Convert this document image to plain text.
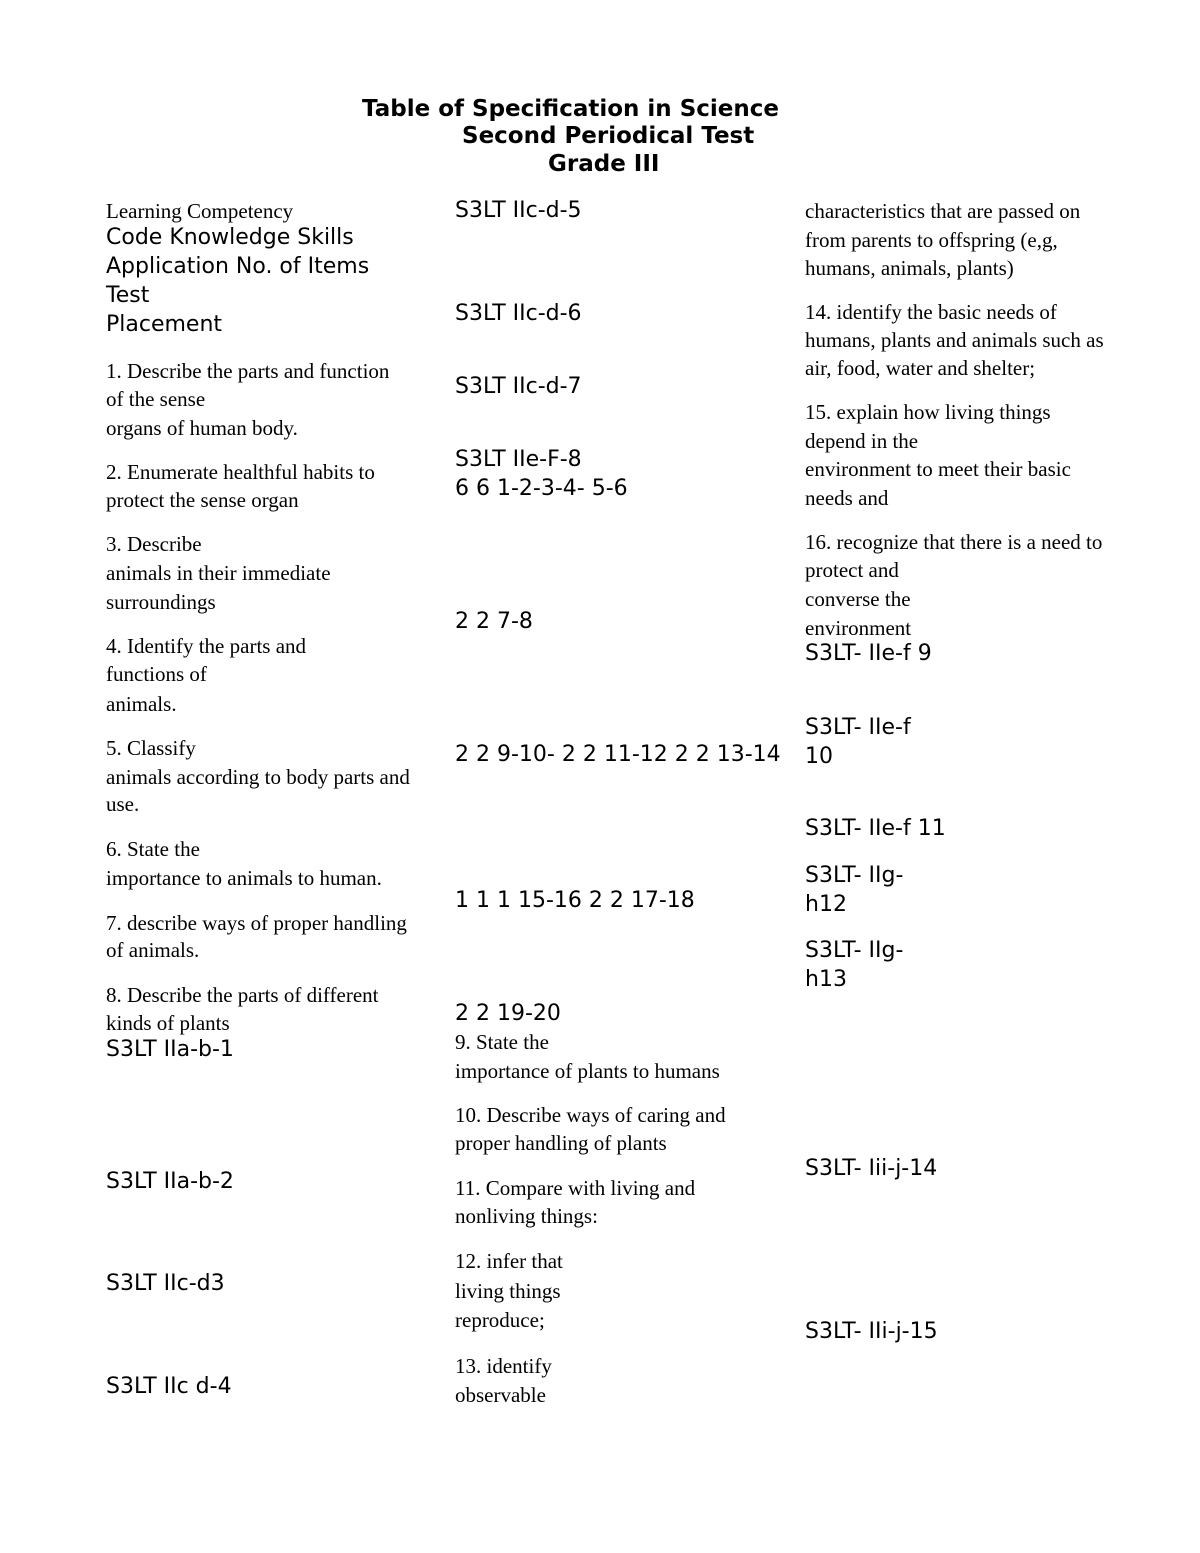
Table of Specification in Science
Second Periodical Test
Grade III
Learning Competency
Code Knowledge Skills
Application No. of Items
Test
Placement
1. Describe the parts and function
of the sense
organs of human body.
2. Enumerate healthful habits to
protect the sense organ
3. Describe
animals in their immediate
surroundings
4. Identify the parts and
functions of
animals.
5. Classify
animals according to body parts and
use.
6. State the
importance to animals to human.
7. describe ways of proper handling
of animals.
8. Describe the parts of different
kinds of plants
S3LT IIa-b-1
S3LT IIa-b-2
S3LT IIc-d3
S3LT IIc d-4
S3LT IIc-d-5
S3LT IIc-d-6
S3LT IIc-d-7
S3LT IIe-F-8
6 6 1-2-3-4- 5-6
2 2 7-8
2 2 9-10- 2 2 11-12 2 2 13-14
1 1 1 15-16 2 2 17-18
2 2 19-20
9. State the
importance of plants to humans
10. Describe ways of caring and
proper handling of plants
11. Compare with living and
nonliving things:
12. infer that
living things
reproduce;
13. identify
observable
characteristics that are passed on
from parents to offspring (e,g,
humans, animals, plants)
14. identify the basic needs of
humans, plants and animals such as
air, food, water and shelter;
15. explain how living things
depend in the
environment to meet their basic
needs and
16. recognize that there is a need to
protect and
converse the
environment
S3LT- IIe-f 9
S3LT- IIe-f
10
S3LT- IIe-f 11
S3LT- IIg-
h12
S3LT- IIg-
h13
S3LT- Iii-j-14
S3LT- IIi-j-15
